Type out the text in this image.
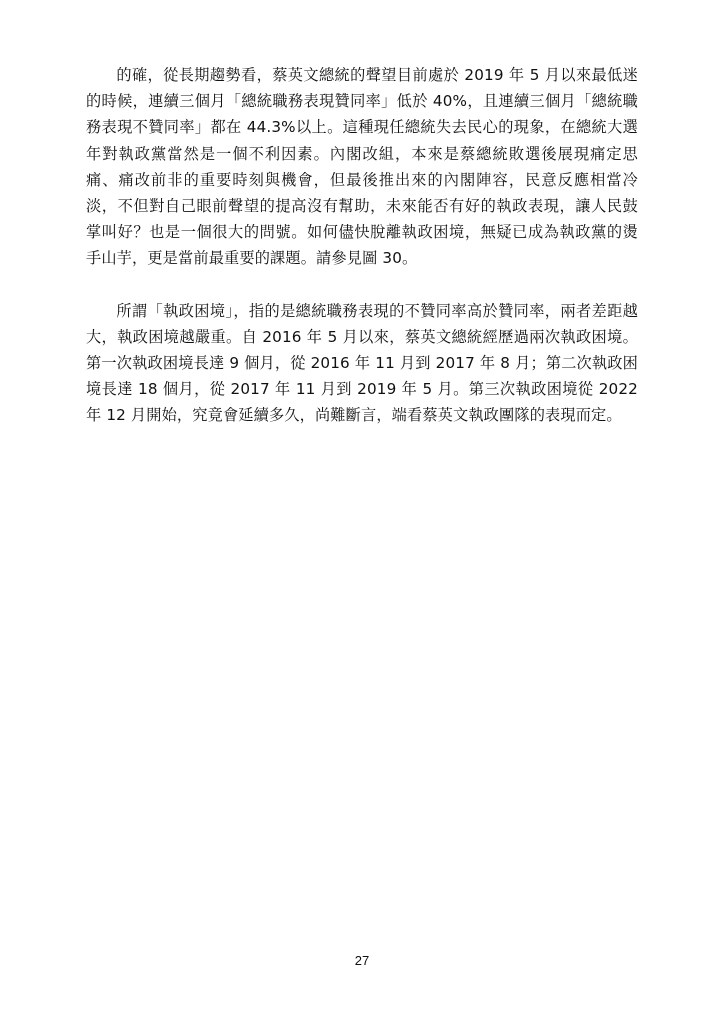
的確，從長期趨勢看，蔡英文總統的聲望目前處於 2019 年 5 月以來最低迷的時候，連續三個月「總統職務表現贊同率」低於 40%，且連續三個月「總統職務表現不贊同率」都在 44.3%以上。這種現任總統失去民心的現象，在總統大選年對執政黨當然是一個不利因素。內閣改組，本來是蔡總統敗選後展現痛定思痛、痛改前非的重要時刻與機會，但最後推出來的內閣陣容，民意反應相當冷淡，不但對自己眼前聲望的提高沒有幫助，未來能否有好的執政表現，讓人民鼓掌叫好？也是一個很大的問號。如何儘快脫離執政困境，無疑已成為執政黨的燙手山芋，更是當前最重要的課題。請參見圖 30。

所謂「執政困境」，指的是總統職務表現的不贊同率高於贊同率，兩者差距越大，執政困境越嚴重。自 2016 年 5 月以來，蔡英文總統經歷過兩次執政困境。第一次執政困境長達 9 個月，從 2016 年 11 月到 2017 年 8 月；第二次執政困境長達 18 個月，從 2017 年 11 月到 2019 年 5 月。第三次執政困境從 2022 年 12 月開始，究竟會延續多久，尚難斷言，端看蔡英文執政團隊的表現而定。

27
